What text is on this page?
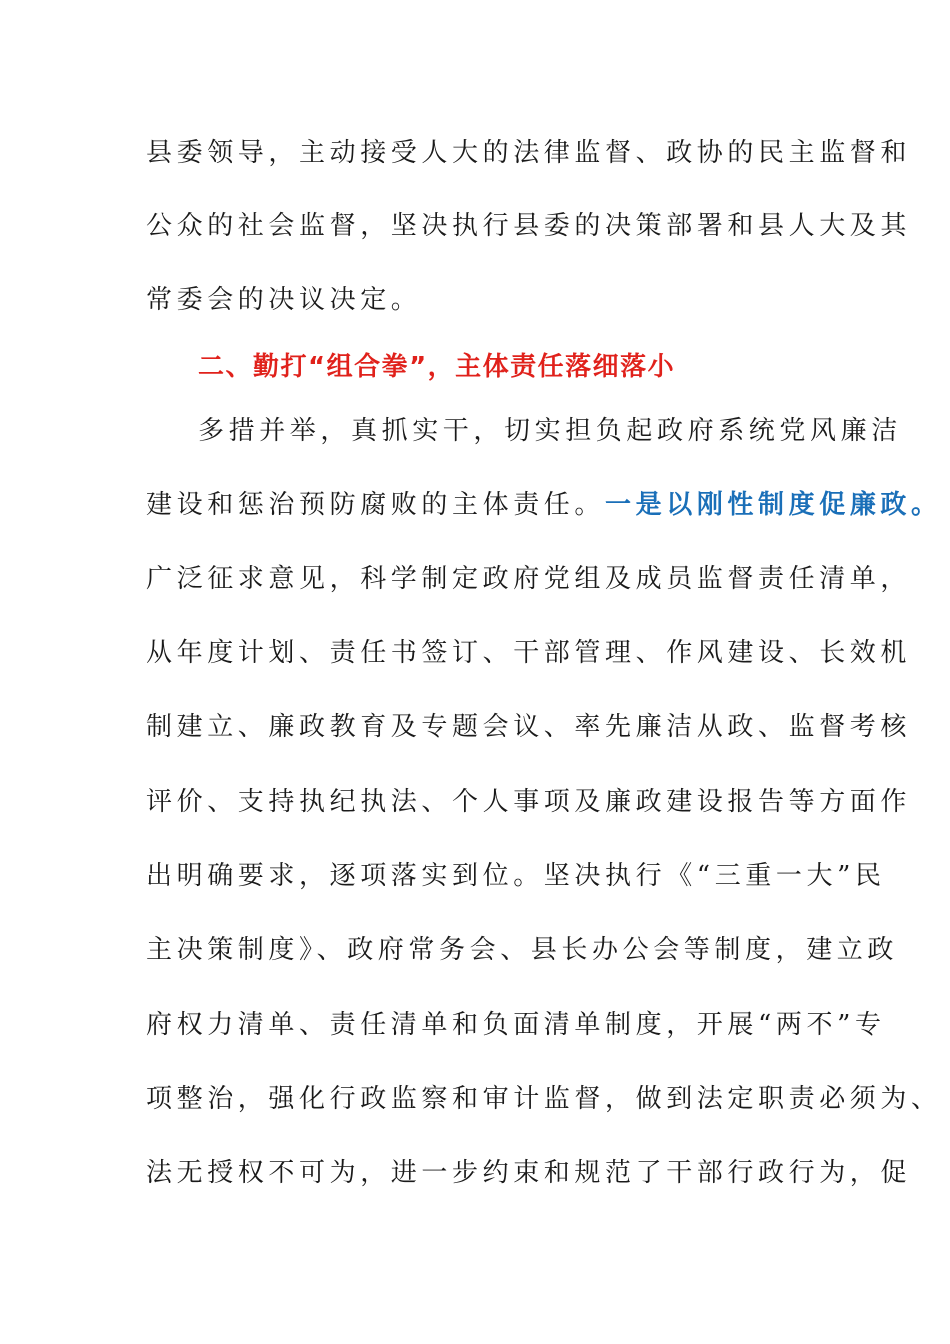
县委领导，主动接受人大的法律监督、政协的民主监督和
公众的社会监督，坚决执行县委的决策部署和县人大及其
常委会的决议决定。
二、勤打“组合拳”，主体责任落细落小
多措并举，真抓实干，切实担负起政府系统党风廉洁
建设和惩治预防腐败的主体责任。一是以刚性制度促廉政。
广泛征求意见，科学制定政府党组及成员监督责任清单，
从年度计划、责任书签订、干部管理、作风建设、长效机
制建立、廉政教育及专题会议、率先廉洁从政、监督考核
评价、支持执纪执法、个人事项及廉政建设报告等方面作
出明确要求，逐项落实到位。坚决执行《“三重一大”民
主决策制度》、政府常务会、县长办公会等制度，建立政
府权力清单、责任清单和负面清单制度，开展“两不”专
项整治，强化行政监察和审计监督，做到法定职责必须为、
法无授权不可为，进一步约束和规范了干部行政行为，促
